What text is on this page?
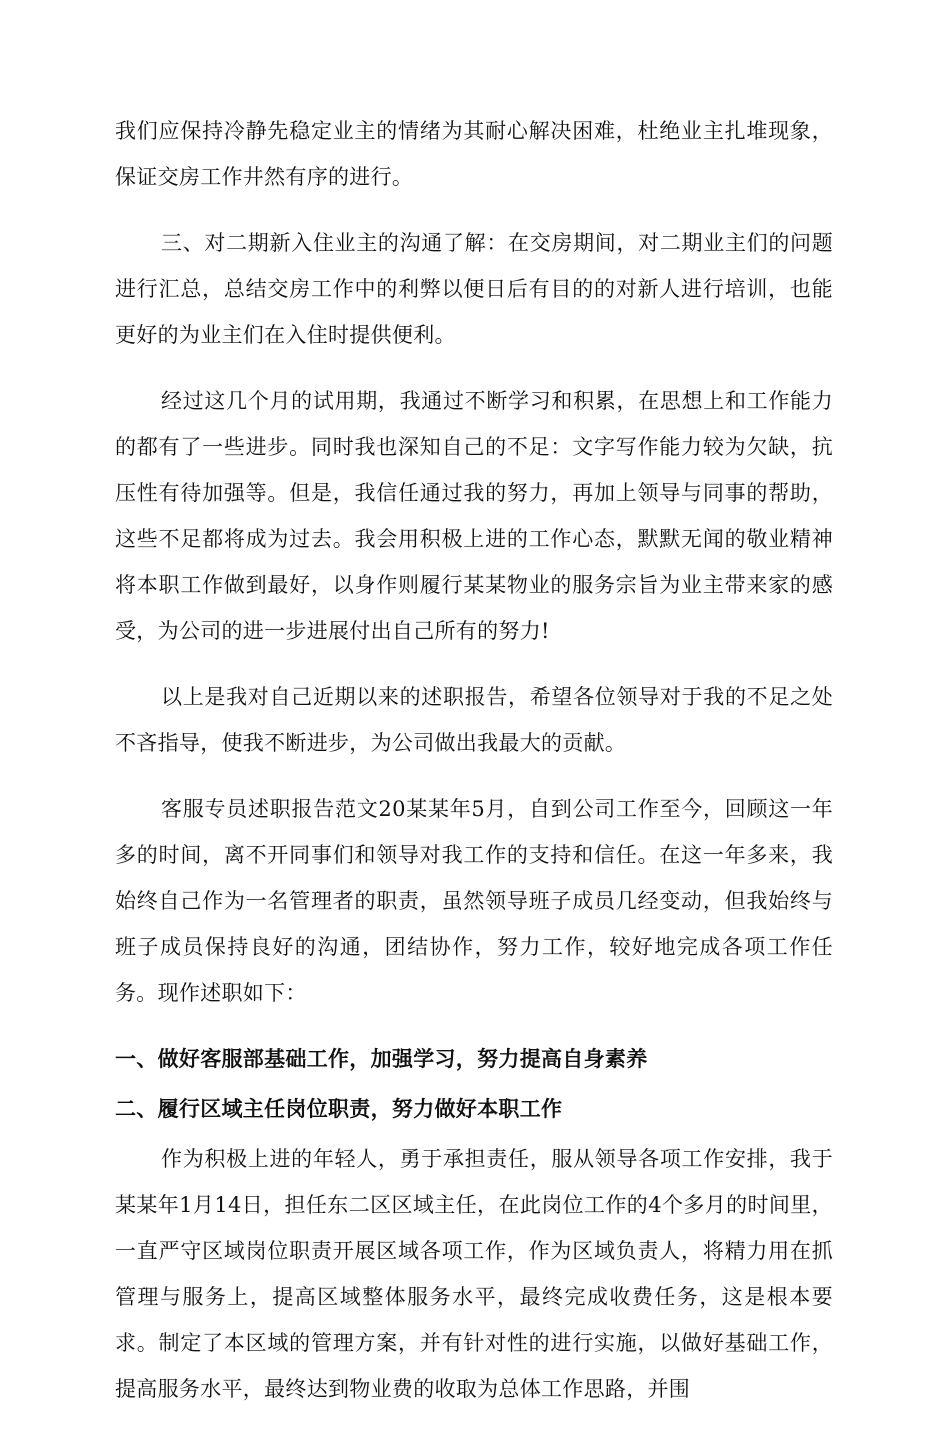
我们应保持冷静先稳定业主的情绪为其耐心解决困难，杜绝业主扎堆现象，保证交房工作井然有序的进行。

三、对二期新入住业主的沟通了解：在交房期间，对二期业主们的问题进行汇总，总结交房工作中的利弊以便日后有目的的对新人进行培训，也能更好的为业主们在入住时提供便利。

经过这几个月的试用期，我通过不断学习和积累，在思想上和工作能力的都有了一些进步。同时我也深知自己的不足：文字写作能力较为欠缺，抗压性有待加强等。但是，我信任通过我的努力，再加上领导与同事的帮助，这些不足都将成为过去。我会用积极上进的工作心态，默默无闻的敬业精神将本职工作做到最好，以身作则履行某某物业的服务宗旨为业主带来家的感受，为公司的进一步进展付出自己所有的努力!

以上是我对自己近期以来的述职报告，希望各位领导对于我的不足之处不吝指导，使我不断进步，为公司做出我最大的贡献。

客服专员述职报告范文20某某年5月，自到公司工作至今，回顾这一年多的时间，离不开同事们和领导对我工作的支持和信任。在这一年多来，我始终自己作为一名管理者的职责，虽然领导班子成员几经变动，但我始终与班子成员保持良好的沟通，团结协作，努力工作，较好地完成各项工作任务。现作述职如下：

一、做好客服部基础工作，加强学习，努力提高自身素养

二、履行区域主任岗位职责，努力做好本职工作

作为积极上进的年轻人，勇于承担责任，服从领导各项工作安排，我于某某年1月14日，担任东二区区域主任，在此岗位工作的4个多月的时间里，一直严守区域岗位职责开展区域各项工作，作为区域负责人，将精力用在抓管理与服务上，提高区域整体服务水平，最终完成收费任务，这是根本要求。制定了本区域的管理方案，并有针对性的进行实施，以做好基础工作，提高服务水平，最终达到物业费的收取为总体工作思路，并围
